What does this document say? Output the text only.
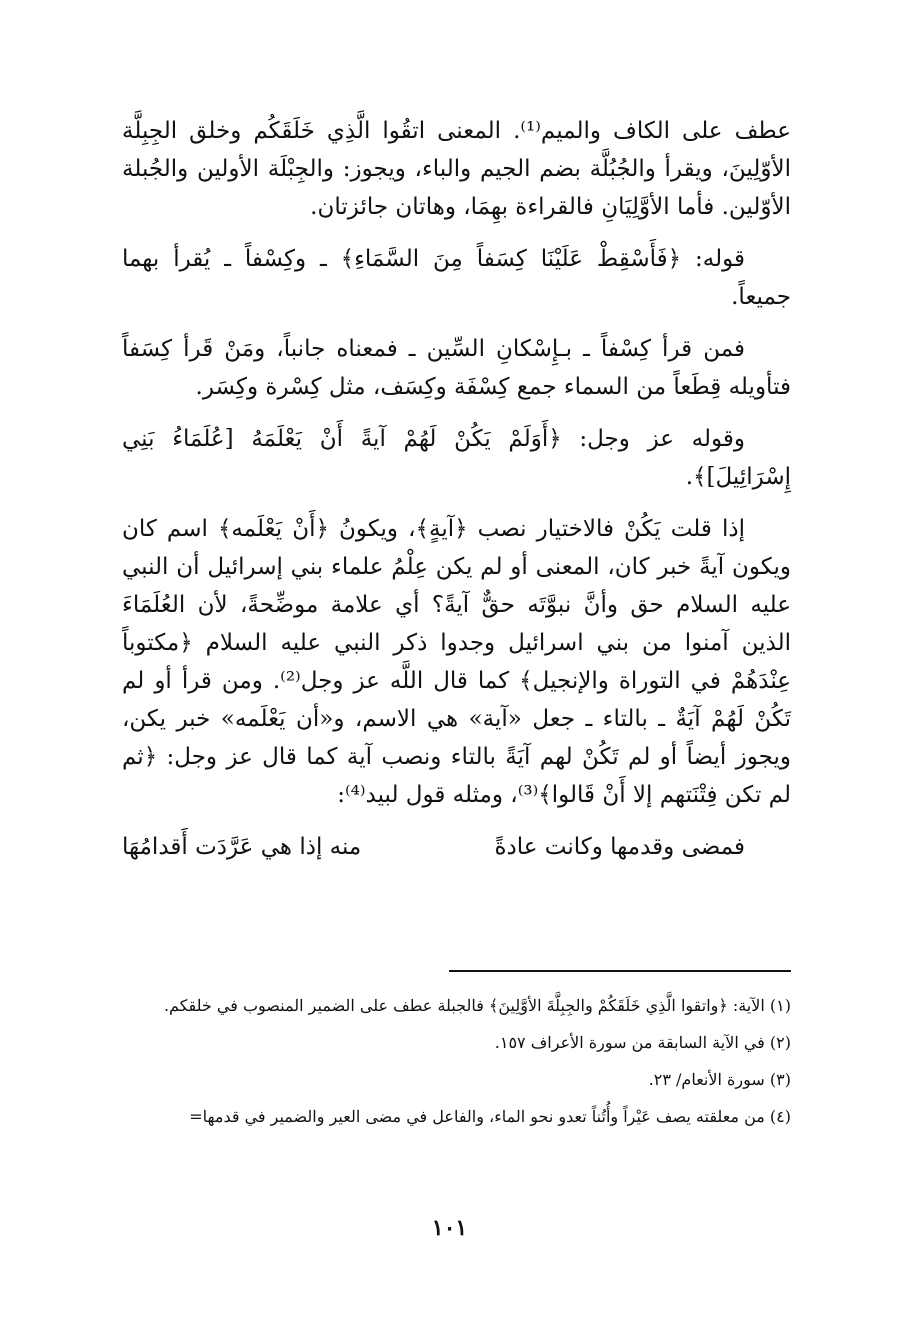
عطف على الكاف والميم⁽¹⁾. المعنى اتقُوا الَّذِي خَلَقَكُم وخلق الجِبِلَّة الأوّلِينَ، ويقرأ والجُبُلَّة بضم الجيم والباء، ويجوز: والجِبْلَة الأولين والجُبلة الأوّلين. فأما الأوَّلِيَانِ فالقراءة بهِمَا، وهاتان جائزتان.

قوله: ﴿فَأَسْقِطْ عَلَيْنَا كِسَفاً مِنَ السَّمَاءِ﴾ ـ وكِسْفاً ـ يُقرأ بهما جميعاً.

فمن قرأ كِسْفاً ـ بـإِسْكانِ السِّين ـ فمعناه جانباً، ومَنْ قَرأ كِسَفاً فتأويله قِطَعاً من السماء جمع كِسْفَة وكِسَف، مثل كِسْرة وكِسَر.

وقوله عز وجل: ﴿أَوَلَمْ يَكُنْ لَهُمْ آيةً أَنْ يَعْلَمَهُ [عُلَمَاءُ بَنِي إِسْرَائِيلَ]﴾.

إذا قلت يَكُنْ فالاختيار نصب ﴿آيةٍ﴾، ويكونُ ﴿أَنْ يَعْلَمه﴾ اسم كان ويكون آيةً خبر كان، المعنى أو لم يكن عِلْمُ علماء بني إسرائيل أن النبي عليه السلام حق وأنَّ نبوَّتَه حقٌّ آيةً؟ أي علامة موضِّحةً، لأن العُلَمَاءَ الذين آمنوا من بني اسرائيل وجدوا ذكر النبي عليه السلام ﴿مكتوباً عِنْدَهُمْ في التوراة والإنجيل﴾ كما قال اللَّه عز وجل⁽²⁾. ومن قرأ أو لم تَكُنْ لَهُمْ آيَةٌ ـ بالتاء ـ جعل «آية» هي الاسم، و«أن يَعْلَمه» خبر يكن، ويجوز أيضاً أو لم تَكُنْ لهم آيَةً بالتاء ونصب آية كما قال عز وجل: ﴿ثم لم تكن فِتْنَتهم إلا أَنْ قَالوا﴾⁽³⁾، ومثله قول لبيد⁽⁴⁾:

فمضى وقدمها وكانت عادةً
منه إذا هي عَرَّدَت أَقدامُهَا

(١) الآية: ﴿واتقوا الَّذِي خَلَقَكُمْ والجِبِلَّةَ الأوَّلِينَ﴾ فالجبلة عطف على الضمير المنصوب في خلقكم.

(٢) في الآية السابقة من سورة الأعراف ١٥٧.

(٣) سورة الأنعام/ ٢٣.

(٤) من معلقته يصف عَيْراً وأُتُناً تعدو نحو الماء، والفاعل في مضى العير والضمير في قدمها=

١٠١
